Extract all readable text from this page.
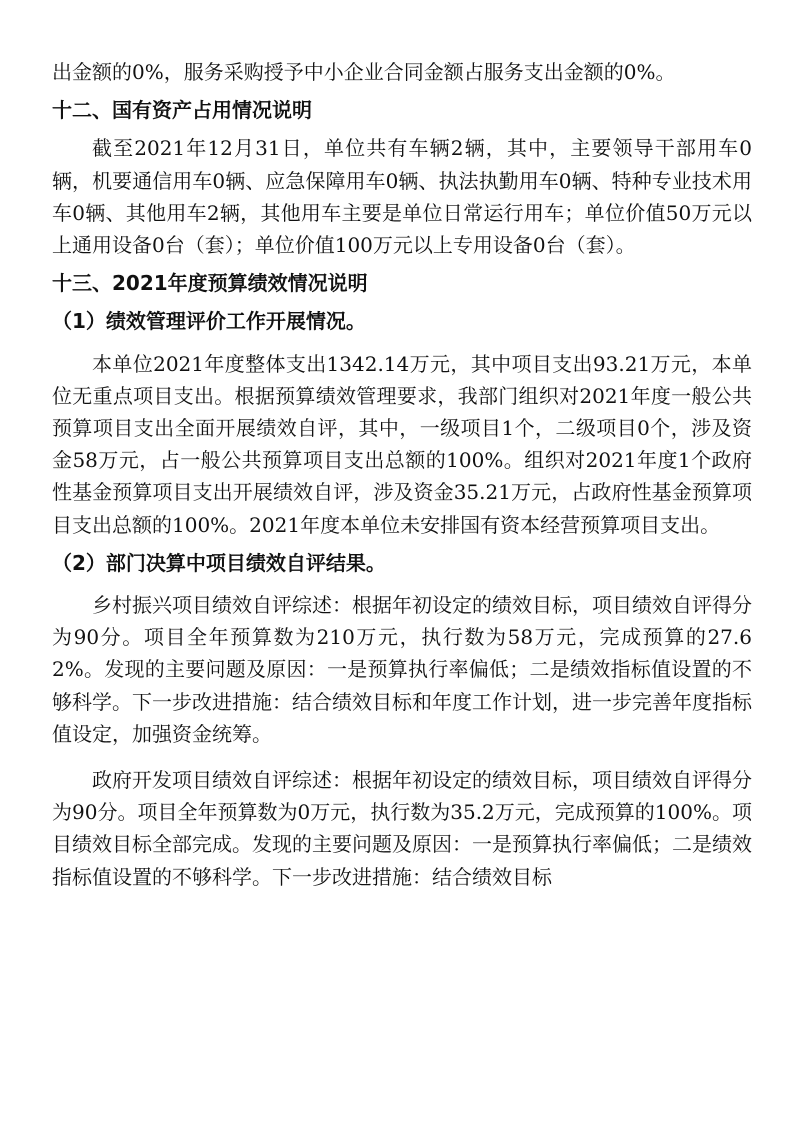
出金额的0%，服务采购授予中小企业合同金额占服务支出金额的0%。

十二、国有资产占用情况说明

截至2021年12月31日，单位共有车辆2辆，其中，主要领导干部用车0辆，机要通信用车0辆、应急保障用车0辆、执法执勤用车0辆、特种专业技术用车0辆、其他用车2辆，其他用车主要是单位日常运行用车；单位价值50万元以上通用设备0台（套）；单位价值100万元以上专用设备0台（套）。

十三、2021年度预算绩效情况说明
（1）绩效管理评价工作开展情况。

本单位2021年度整体支出1342.14万元，其中项目支出93.21万元，本单位无重点项目支出。根据预算绩效管理要求，我部门组织对2021年度一般公共预算项目支出全面开展绩效自评，其中，一级项目1个，二级项目0个，涉及资金58万元，占一般公共预算项目支出总额的100%。组织对2021年度1个政府性基金预算项目支出开展绩效自评，涉及资金35.21万元，占政府性基金预算项目支出总额的100%。2021年度本单位未安排国有资本经营预算项目支出。

（2）部门决算中项目绩效自评结果。

乡村振兴项目绩效自评综述：根据年初设定的绩效目标，项目绩效自评得分为90分。项目全年预算数为210万元，执行数为58万元，完成预算的27.62%。发现的主要问题及原因：一是预算执行率偏低；二是绩效指标值设置的不够科学。下一步改进措施：结合绩效目标和年度工作计划，进一步完善年度指标值设定，加强资金统筹。

政府开发项目绩效自评综述：根据年初设定的绩效目标，项目绩效自评得分为90分。项目全年预算数为0万元，执行数为35.2万元，完成预算的100%。项目绩效目标全部完成。发现的主要问题及原因：一是预算执行率偏低；二是绩效指标值设置的不够科学。下一步改进措施：结合绩效目标
